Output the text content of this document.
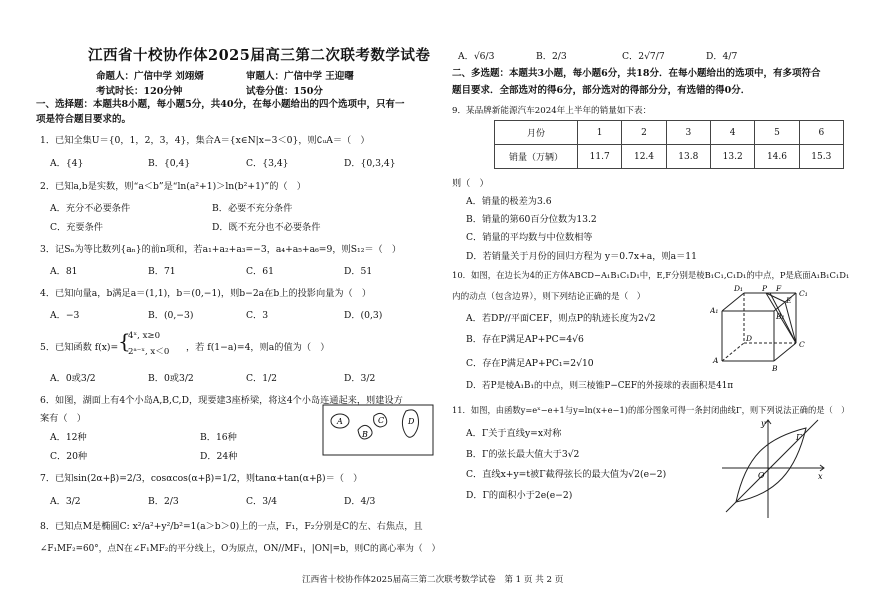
江西省十校协作体2025届高三第二次联考数学试卷
命题人：广信中学 刘翊婿	审题人：广信中学 王迎曙
考试时长：120分钟	试卷分值：150分
一、选择题：本题共8小题，每小题5分，共40分，在每小题给出的四个选项中，只有一
项是符合题目要求的。
1．已知全集U＝{0，1，2，3，4}，集合A＝{x∈N|x−3＜0}，则∁ᵤA＝（　）
A．{4}	B．{0,4}	C．{3,4}	D．{0,3,4}
2．已知a,b是实数，则“a＜b”是“ln(a²+1)＞ln(b²+1)”的（　）
A．充分不必要条件	B．必要不充分条件
C．充要条件	D．既不充分也不必要条件
3．记Sₙ为等比数列{aₙ}的前n项和，若a₁+a₂+a₃=−3，a₄+a₅+a₆=9，则S₁₂＝（　）
A．81	B．71	C．61	D．51
4．已知向量a，b满足a＝(1,1)，b＝(0,−1)，则b−2a在b上的投影向量为（　）
A．−3	B．(0,−3)	C．3	D．(0,3)
5．已知函数 f(x)= {
4ˣ, x≥0
2ᵃ⁻ˣ, x＜0 ，若 f(1−a)=4，则a的值为（　）
A．0或3/2	B．0或3/2	C．1/2	D．3/2
6．如图，湖面上有4个小岛A,B,C,D，现要建3座桥梁，将这4个小岛连通起来，则建设方
案有（　）
A．12种	B．16种
C．20种	D．24种
A
B
C	D
7．已知sin(2α+β)=2/3，cosαcos(α+β)=1/2，则tanα+tan(α+β)＝（　）
A．3/2	B．2/3	C．3/4	D．4/3
8．已知点M是椭圆C: x²/a²+y²/b²=1(a＞b＞0)上的一点，F₁，F₂分别是C的左、右焦点，且
∠F₁MF₂=60°，点N在∠F₁MF₂的平分线上，O为原点，ON//MF₁，|ON|=b，则C的离心率为（　）
A．√6/3	B．2/3	C．2√7/7	D．4/7
二、多选题：本题共3小题，每小题6分，共18分．在每小题给出的选项中，有多项符合
题目要求．全部选对的得6分，部分选对的得部分分，有选错的得0分．
9．某品牌新能源汽车2024年上半年的销量如下表：
月份	1	2	3	4	5	6
销量（万辆）	11.7	12.4	13.8	13.2	14.6	15.3
则（　）
A．销量的极差为3.6
B．销量的第60百分位数为13.2
C．销量的平均数与中位数相等
D．若销量关于月份的回归方程为 y＝0.7x+a，则a＝11
10．如图，在边长为4的正方体ABCD−A₁B₁C₁D₁中，E,F分别是棱B₁C₁,C₁D₁的中点，P是底面A₁B₁C₁D₁
内的动点（包含边界），则下列结论正确的是（　）
A．若DP//平面CEF，则点P的轨迹长度为2√2
B．存在P满足AP+PC=4√6
C．存在P满足AP+PC₁=2√10
D．若P是棱A₁B₁的中点，则三棱锥P−CEF的外接球的表面积是41π
D₁	P F
E
C₁
A₁
B₁
D
C
A
B
11．如图，由函数y=eˣ−e+1与y=ln(x+e−1)的部分图象可得一条封闭曲线Γ，则下列说法正确的是（　）
A．Γ关于直线y=x对称
B．Γ的弦长最大值大于3√2
C．直线x+y=t被Γ截得弦长的最大值为√2(e−2)
D．Γ的面积小于2e(e−2)
y
x
O
Γ
江西省十校协作体2025届高三第二次联考数学试卷　第 1 页 共 2 页
